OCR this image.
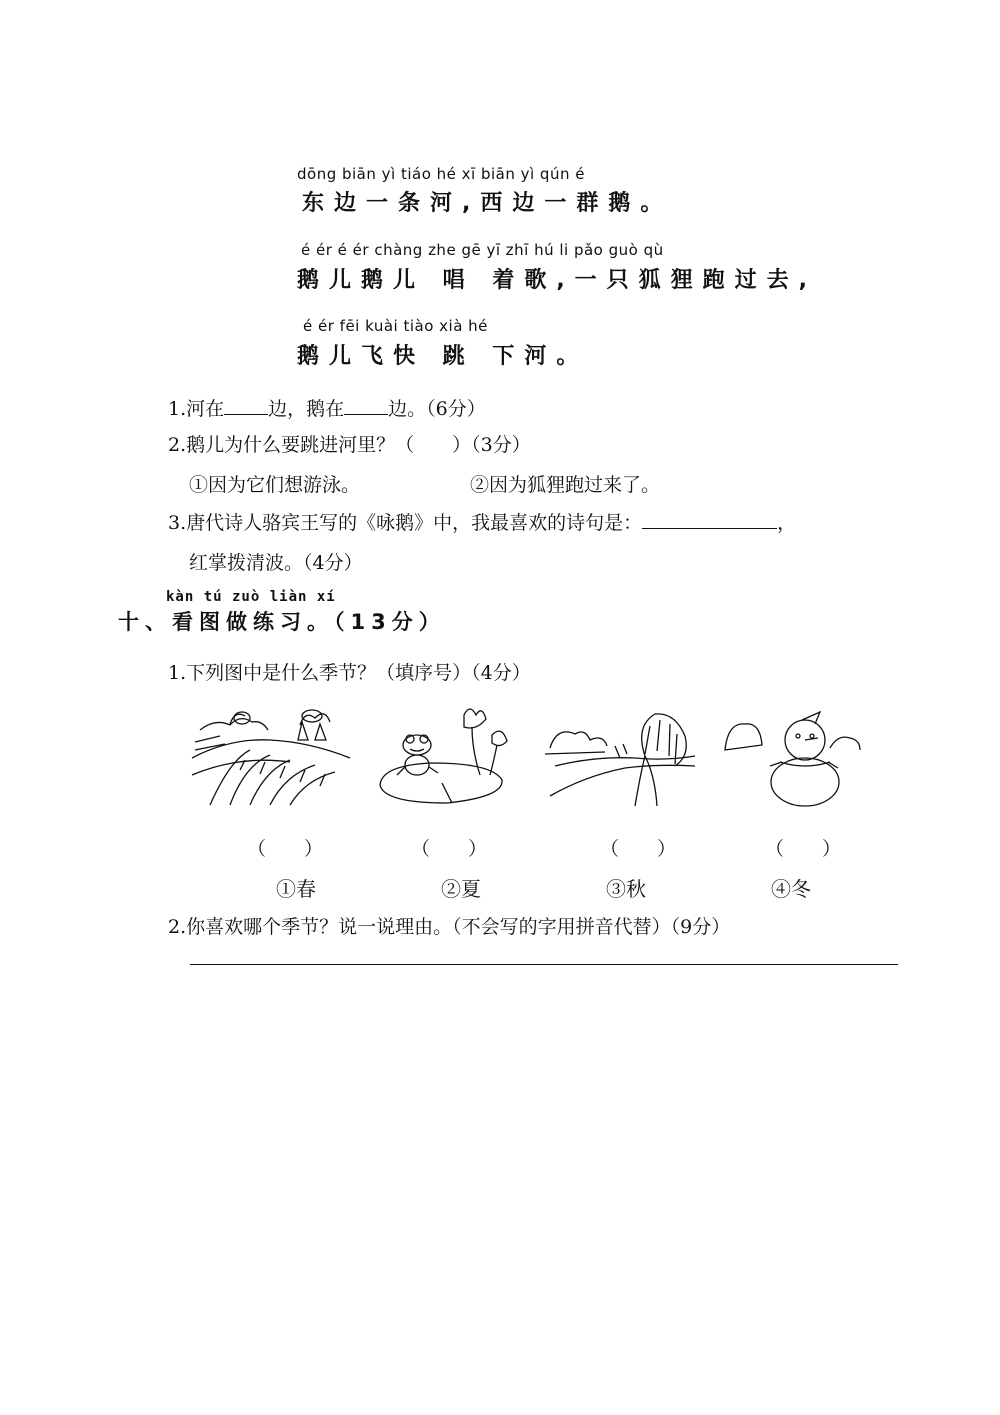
dōng biān yì tiáo hé xī biān yì qún é
东边一条河,西边一群鹅。
é ér é ér chàng zhe gē yī zhī hú li pǎo guò qù
鹅儿鹅儿 唱 着歌,一只狐狸跑过去,
é ér fēi kuài tiào xià hé
鹅儿飞快 跳 下河。
1.河在 边，鹅在 边。（6分）
2.鹅儿为什么要跳进河里？（　　）（3分）
①因为它们想游泳。	②因为狐狸跑过来了。
3.唐代诗人骆宾王写的《咏鹅》中，我最喜欢的诗句是：	，
红掌拨清波。（4分）
kàn tú zuò liàn xí
十、看图做练习。（13分）
1.下列图中是什么季节？（填序号）（4分）
（　　）	（　　）	（　　）	（　　）
①春	②夏	③秋	④冬
2.你喜欢哪个季节？说一说理由。（不会写的字用拼音代替）（9分）
